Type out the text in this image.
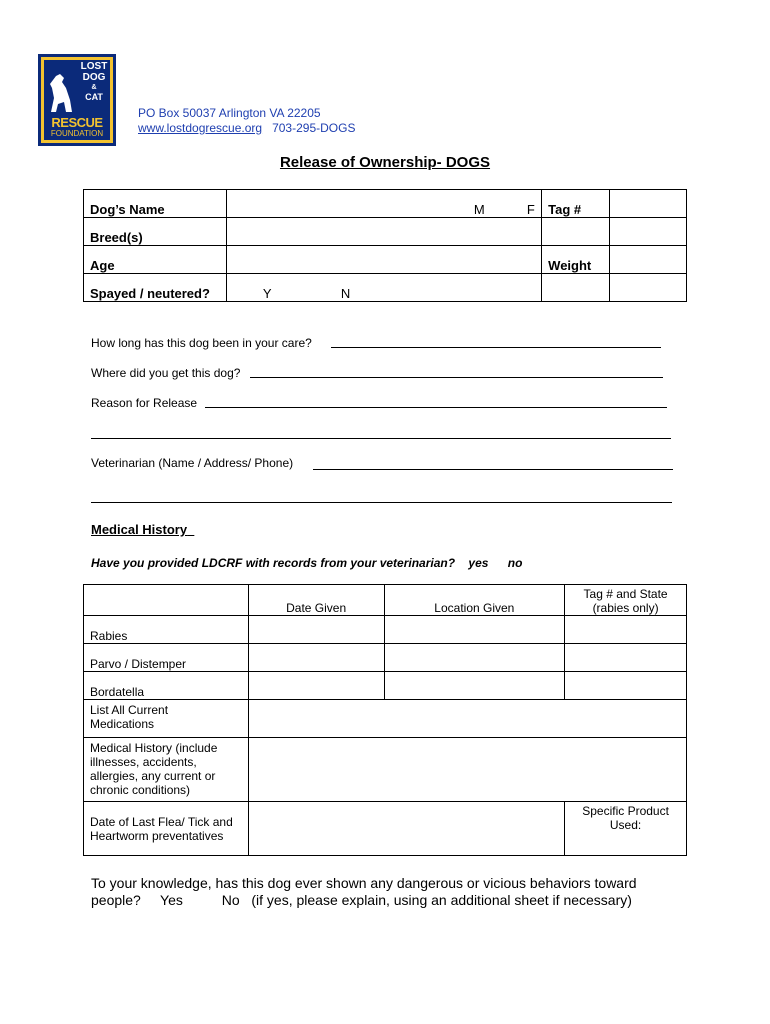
LOST
DOG
&
CAT
RESCUE
FOUNDATION
PO Box 50037 Arlington VA 22205
www.lostdogrescue.org 703-295-DOGS
Release of Ownership- DOGS
Dog’s Name	M F	Tag #	
Breed(s)			
Age		Weight	
Spayed / neutered?	Y N		

How long has this dog been in your care?
Where did you get this dog?
Reason for Release
Veterinarian (Name / Address/ Phone)
Medical History
Have you provided LDCRF with records from your veterinarian? yes no
	Date Given	Location Given	Tag # and State
(rabies only)

Rabies			
Parvo / Distemper			
Bordatella			

List All Current
Medications			

Medical History (include
illnesses, accidents,
allergies, any current or
chronic conditions)			

Date of Last Flea/ Tick and
Heartworm preventatives			Specific Product Used:
To your knowledge, has this dog ever shown any dangerous or vicious behaviors toward
people? Yes	No (if yes, please explain, using an additional sheet if necessary)
